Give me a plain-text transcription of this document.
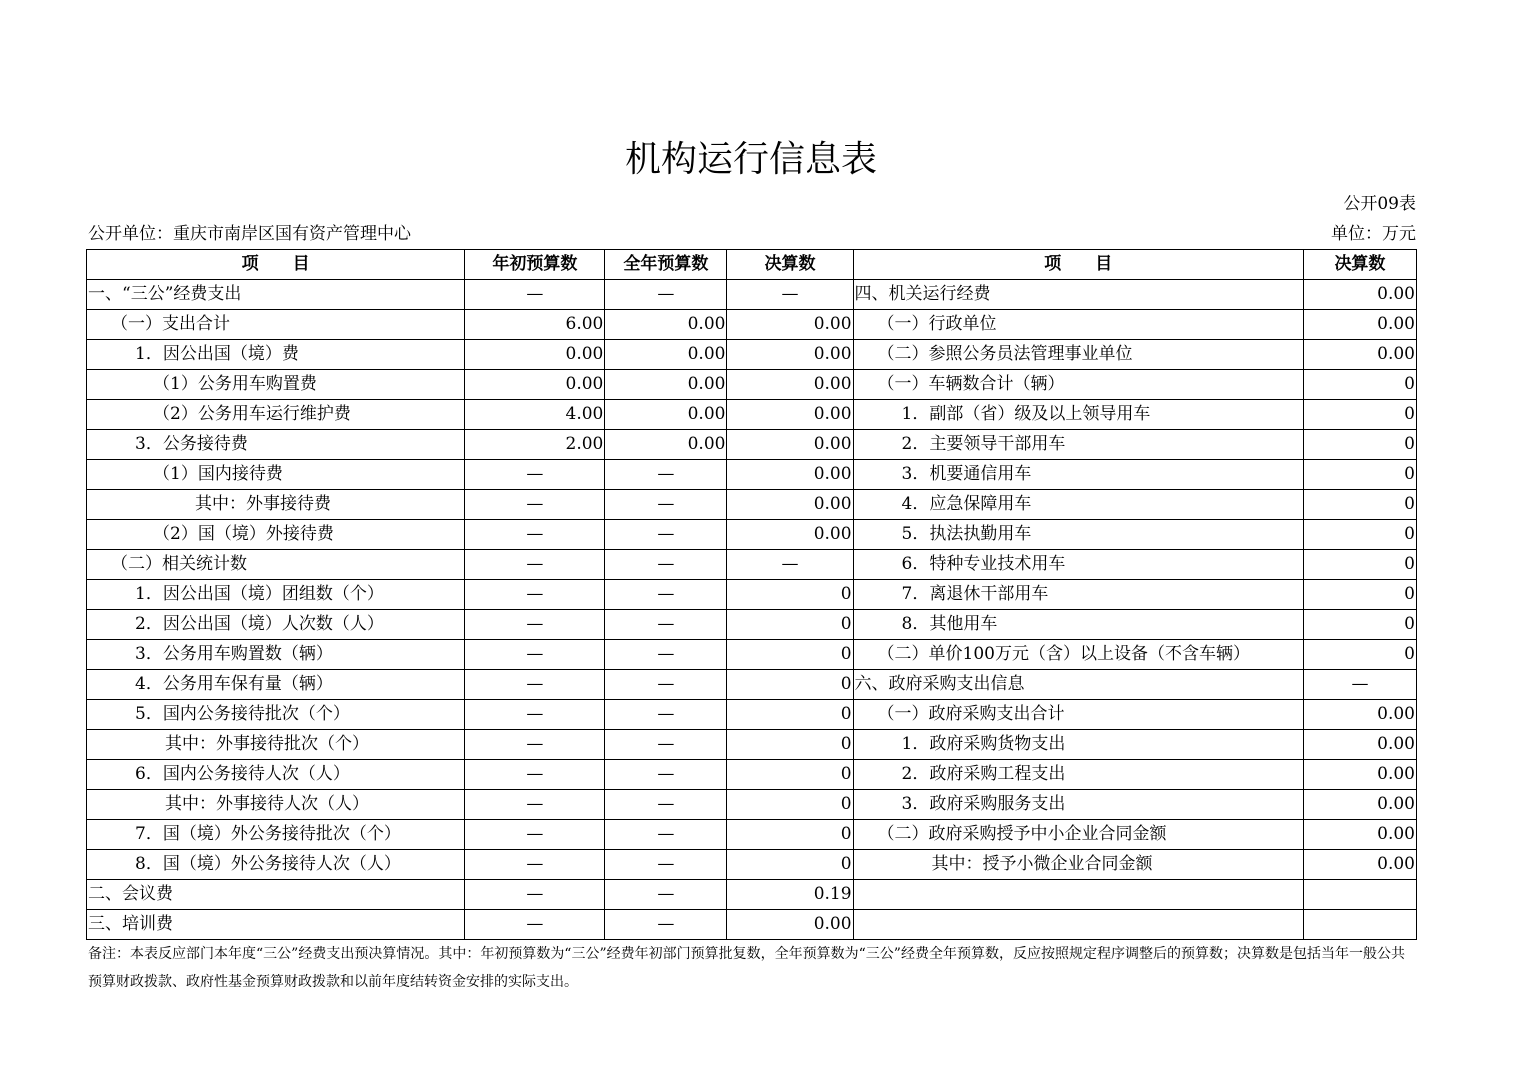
机构运行信息表
公开09表
公开单位：重庆市南岸区国有资产管理中心	单位：万元
项　　目	年初预算数	全年预算数	决算数	项　　目	决算数
一、“三公”经费支出	—	—	—	四、机关运行经费	0.00
（一）支出合计	6.00	0.00	0.00	（一）行政单位	0.00
1．因公出国（境）费	0.00	0.00	0.00	（二）参照公务员法管理事业单位	0.00
（1）公务用车购置费	0.00	0.00	0.00	（一）车辆数合计（辆）	0
（2）公务用车运行维护费	4.00	0.00	0.00	1．副部（省）级及以上领导用车	0
3．公务接待费	2.00	0.00	0.00	2．主要领导干部用车	0
（1）国内接待费	—	—	0.00	3．机要通信用车	0
其中：外事接待费	—	—	0.00	4．应急保障用车	0
（2）国（境）外接待费	—	—	0.00	5．执法执勤用车	0
（二）相关统计数	—	—	—	6．特种专业技术用车	0
1．因公出国（境）团组数（个）	—	—	0	7．离退休干部用车	0
2．因公出国（境）人次数（人）	—	—	0	8．其他用车	0
3．公务用车购置数（辆）	—	—	0	（二）单价100万元（含）以上设备（不含车辆）	0
4．公务用车保有量（辆）	—	—	0	六、政府采购支出信息	—
5．国内公务接待批次（个）	—	—	0	（一）政府采购支出合计	0.00
其中：外事接待批次（个）	—	—	0	1．政府采购货物支出	0.00
6．国内公务接待人次（人）	—	—	0	2．政府采购工程支出	0.00
其中：外事接待人次（人）	—	—	0	3．政府采购服务支出	0.00
7．国（境）外公务接待批次（个）	—	—	0	（二）政府采购授予中小企业合同金额	0.00
8．国（境）外公务接待人次（人）	—	—	0	其中：授予小微企业合同金额	0.00
二、会议费	—	—	0.19		
三、培训费	—	—	0.00		
备注：本表反应部门本年度“三公”经费支出预决算情况。其中：年初预算数为“三公”经费年初部门预算批复数，全年预算数为“三公”经费全年预算数，反应按照规定程序调整后的预算数；决算数是包括当年一般公共预算财政拨款、政府性基金预算财政拨款和以前年度结转资金安排的实际支出。
